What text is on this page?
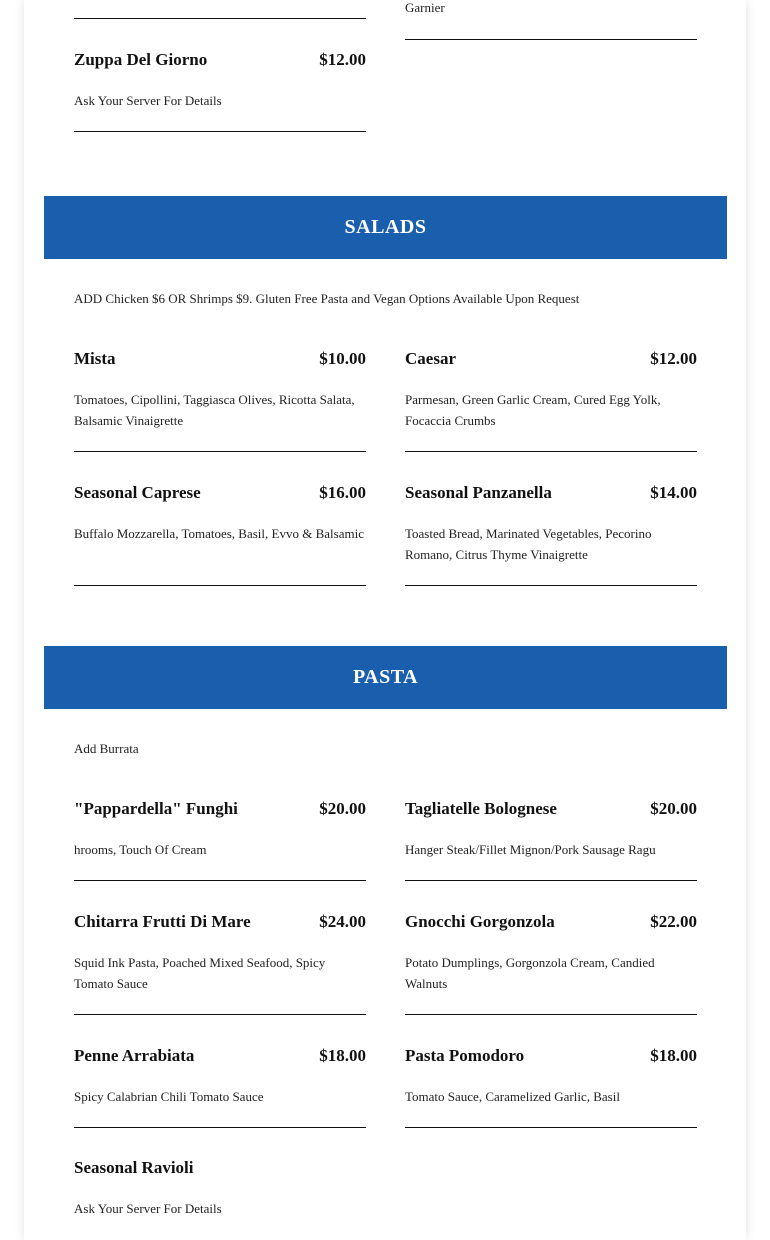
Garnier
Zuppa Del Giorno	$12.00
Ask Your Server For Details
SALADS
ADD Chicken $6 OR Shrimps $9. Gluten Free Pasta and Vegan Options Available Upon Request
Mista	$10.00
Tomatoes, Cipollini, Taggiasca Olives, Ricotta Salata, Balsamic Vinaigrette
Caesar	$12.00
Parmesan, Green Garlic Cream, Cured Egg Yolk, Focaccia Crumbs
Seasonal Caprese	$16.00
Buffalo Mozzarella, Tomatoes, Basil, Evvo & Balsamic
Seasonal Panzanella	$14.00
Toasted Bread, Marinated Vegetables, Pecorino Romano, Citrus Thyme Vinaigrette
PASTA
Add Burrata
"Pappardella" Funghi	$20.00
hrooms, Touch Of Cream
Tagliatelle Bolognese	$20.00
Hanger Steak/Fillet Mignon/Pork Sausage Ragu
Chitarra Frutti Di Mare	$24.00
Squid Ink Pasta, Poached Mixed Seafood, Spicy Tomato Sauce
Gnocchi Gorgonzola	$22.00
Potato Dumplings, Gorgonzola Cream, Candied Walnuts
Penne Arrabiata	$18.00
Spicy Calabrian Chili Tomato Sauce
Pasta Pomodoro	$18.00
Tomato Sauce, Caramelized Garlic, Basil
Seasonal Ravioli
Ask Your Server For Details
